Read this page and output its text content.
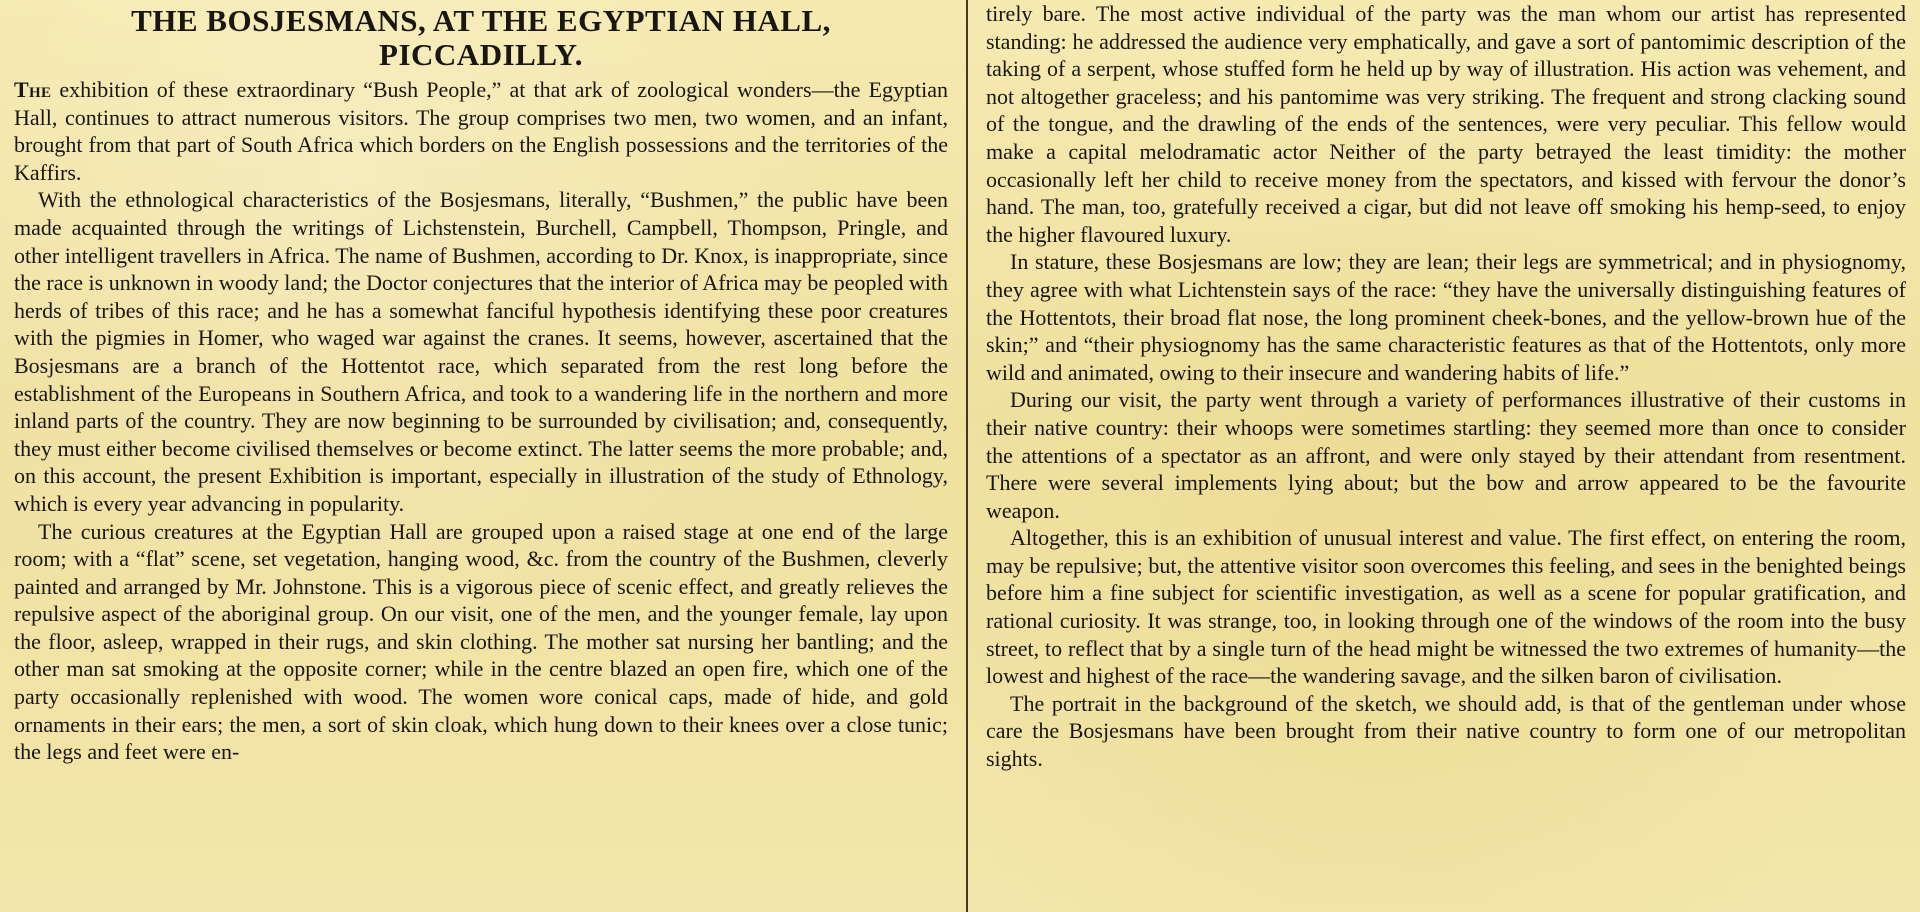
THE BOSJESMANS, AT THE EGYPTIAN HALL,
PICCADILLY.

The exhibition of these extraordinary “Bush People,” at that ark of zoological wonders—the Egyptian Hall, continues to attract numerous visitors. The group comprises two men, two women, and an infant, brought from that part of South Africa which borders on the English possessions and the territories of the Kaffirs.

With the ethnological characteristics of the Bosjesmans, literally, “Bushmen,” the public have been made acquainted through the writings of Lichstenstein, Burchell, Campbell, Thompson, Pringle, and other intelligent travellers in Africa. The name of Bushmen, according to Dr. Knox, is inappropriate, since the race is unknown in woody land; the Doctor conjectures that the interior of Africa may be peopled with herds of tribes of this race; and he has a somewhat fanciful hypothesis identifying these poor creatures with the pigmies in Homer, who waged war against the cranes. It seems, however, ascertained that the Bosjesmans are a branch of the Hottentot race, which separated from the rest long before the establishment of the Europeans in Southern Africa, and took to a wandering life in the northern and more inland parts of the country. They are now beginning to be surrounded by civilisation; and, consequently, they must either become civilised themselves or become extinct. The latter seems the more probable; and, on this account, the present Exhibition is important, especially in illustration of the study of Ethnology, which is every year advancing in popularity.

The curious creatures at the Egyptian Hall are grouped upon a raised stage at one end of the large room; with a “flat” scene, set vegetation, hanging wood, &c. from the country of the Bushmen, cleverly painted and arranged by Mr. Johnstone. This is a vigorous piece of scenic effect, and greatly relieves the repulsive aspect of the aboriginal group. On our visit, one of the men, and the younger female, lay upon the floor, asleep, wrapped in their rugs, and skin clothing. The mother sat nursing her bantling; and the other man sat smoking at the opposite corner; while in the centre blazed an open fire, which one of the party occasionally replenished with wood. The women wore conical caps, made of hide, and gold ornaments in their ears; the men, a sort of skin cloak, which hung down to their knees over a close tunic; the legs and feet were en-

tirely bare. The most active individual of the party was the man whom our artist has represented standing: he addressed the audience very emphatically, and gave a sort of pantomimic description of the taking of a serpent, whose stuffed form he held up by way of illustration. His action was vehement, and not altogether graceless; and his pantomime was very striking. The frequent and strong clacking sound of the tongue, and the drawling of the ends of the sentences, were very peculiar. This fellow would make a capital melodramatic actor Neither of the party betrayed the least timidity: the mother occasionally left her child to receive money from the spectators, and kissed with fervour the donor’s hand. The man, too, gratefully received a cigar, but did not leave off smoking his hemp-seed, to enjoy the higher flavoured luxury.

In stature, these Bosjesmans are low; they are lean; their legs are symmetrical; and in physiognomy, they agree with what Lichtenstein says of the race: “they have the universally distinguishing features of the Hottentots, their broad flat nose, the long prominent cheek-bones, and the yellow-brown hue of the skin;” and “their physiognomy has the same characteristic features as that of the Hottentots, only more wild and animated, owing to their insecure and wandering habits of life.”

During our visit, the party went through a variety of performances illustrative of their customs in their native country: their whoops were sometimes startling: they seemed more than once to consider the attentions of a spectator as an affront, and were only stayed by their attendant from resentment. There were several implements lying about; but the bow and arrow appeared to be the favourite weapon.

Altogether, this is an exhibition of unusual interest and value. The first effect, on entering the room, may be repulsive; but, the attentive visitor soon overcomes this feeling, and sees in the benighted beings before him a fine subject for scientific investigation, as well as a scene for popular gratification, and rational curiosity. It was strange, too, in looking through one of the windows of the room into the busy street, to reflect that by a single turn of the head might be witnessed the two extremes of humanity—the lowest and highest of the race—the wandering savage, and the silken baron of civilisation.

The portrait in the background of the sketch, we should add, is that of the gentleman under whose care the Bosjesmans have been brought from their native country to form one of our metropolitan sights.
